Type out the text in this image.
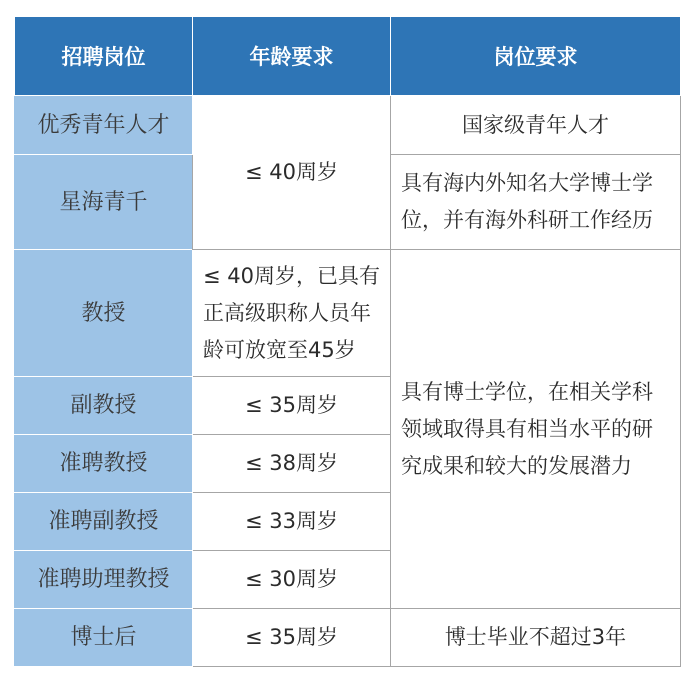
招聘岗位	年龄要求	岗位要求
优秀青年人才	≤ 40周岁	国家级青年人才
星海青千		具有海内外知名大学博士学位，并有海外科研工作经历
教授	≤ 40周岁，已具有正高级职称人员年龄可放宽至45岁	具有博士学位，在相关学科领域取得具有相当水平的研究成果和较大的发展潜力
副教授	≤ 35周岁	
准聘教授	≤ 38周岁	
准聘副教授	≤ 33周岁	
准聘助理教授	≤ 30周岁	
博士后	≤ 35周岁	博士毕业不超过3年
